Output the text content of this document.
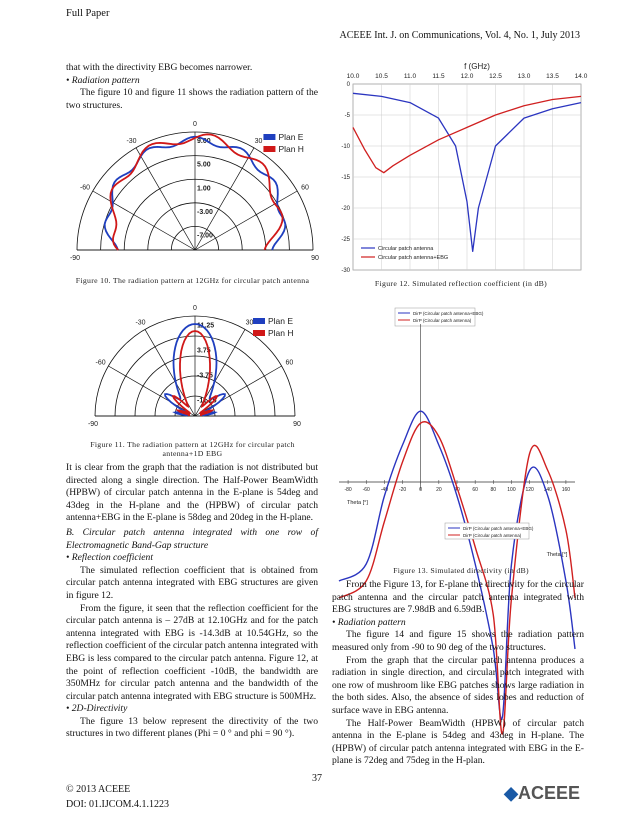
Full Paper
ACEEE Int. J. on Communications, Vol. 4, No. 1, July 2013
that with the directivity EBG becomes narrower.
• Radiation pattern
The figure 10 and figure 11 shows the radiation pattern of the two structures.
0
-30	30
-60	60
-90	90
9.00
5.00
1.00
-3.00
-7.00
Plan E
Plan H
Figure 10. The radiation pattern at 12GHz for circular patch antenna
0
-30	30
-60	60
-90	90
11.25
3.75
-3.75
-11.25
Plan E
Plan H
Figure 11. The radiation pattern at 12GHz for circular patch antenna+1D EBG
It is clear from the graph that the radiation is not distributed but directed along a single direction. The Half-Power BeamWidth (HPBW) of circular patch antenna in the E-plane is 54deg and 43deg in the H-plane and the (HPBW) of circular patch antenna+EBG in the E-plane is 58deg and 20deg in the H-plane.
B. Circular patch antenna integrated with one row of Electromagnetic Band-Gap structure
• Reflection coefficient
The simulated reflection coefficient that is obtained from circular patch antenna integrated with EBG structures are given in figure 12.
From the figure, it seen that the reflection coefficient for the circular patch antenna is – 27dB at 12.10GHz and for the patch antenna integrated with EBG is -14.3dB at 10.54GHz, so the reflection coefficient of the circular patch antenna integrated with EBG is less compared to the circular patch antenna. Figure 12, at the point of reflection coefficient -10dB, the bandwidth are 350MHz for circular patch antenna and the bandwidth of the circular patch antenna integrated with EBG structure is 500MHz.
• 2D-Directivity
The figure 13 below represent the directivity of the two structures in two different planes (Phi = 0 ° and phi = 90 °).
f (GHz)
10.0 10.5 11.0	11.5 12.0 12.5 13.0 13.5 14.0
0
-5
-10
-15
-20
-25
-30
Circular patch antenna
Circular patch antenna+EBG
Figure 12. Simulated reflection coefficient (in dB)
DirP (Circular patch antenna+EBG)
DirP (Circular patch antenna)
-80 -60 -40 -20	0	20	40	60	80 100 120 140 160
Theta [°]
DirP (Circular patch antenna+EBG)
DirP (Circular patch antenna)
Theta [°]
Figure 13. Simulated directivity (in dB)
From the Figure 13, for E-plane the directivity for the circular patch antenna and the circular patch antenna integrated with EBG structures are 7.98dB and 6.59dB.
• Radiation pattern
The figure 14 and figure 15 shows the radiation pattern measured only from -90 to 90 deg of the two structures.
From the graph that the circular patch antenna produces a radiation in single direction, and circular patch integrated with one row of mushroom like EBG patches shows large radiation in the both sides. Also, the absence of sides lobes and reduction of surface wave in EBG antenna.
The Half-Power BeamWidth (HPBW) of circular patch antenna in the E-plane is 54deg and 43deg in H-plane. The (HPBW) of circular patch antenna integrated with EBG in the E-plane is 72deg and 75deg in the H-plan.
© 2013 ACEEE
DOI: 01.IJCOM.4.1.1223
37
◆ACEEE
